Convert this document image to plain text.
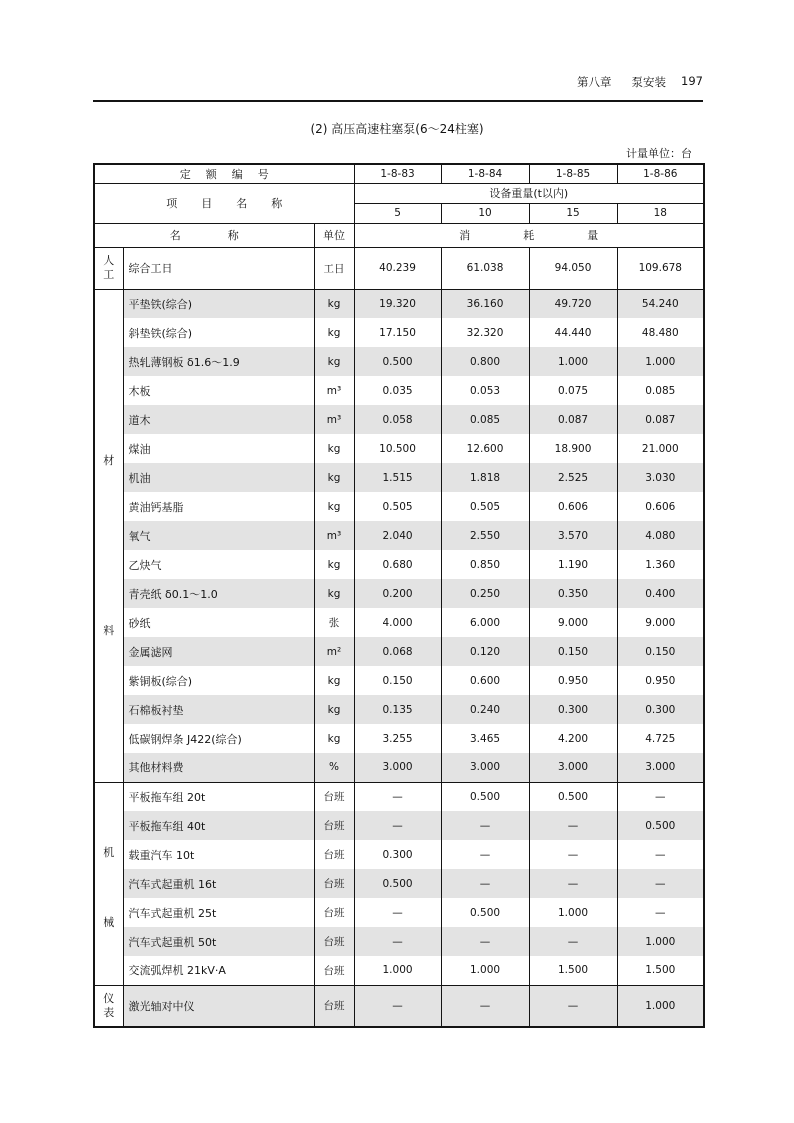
第八章 泵安装 197
(2) 高压高速柱塞泵(6～24柱塞)
计量单位：台
定额编号			1-8-83	1-8-84	1-8-85	1-8-86
项目名称			设备重量(t以内)			
			5	10	15	18
名称		单位	消耗量			
人工	综合工日	工日	40.239	61.038	94.050	109.678
材料	平垫铁(综合)	kg	19.320	36.160	49.720	54.240
	斜垫铁(综合)	kg	17.150	32.320	44.440	48.480
	热轧薄钢板 δ1.6～1.9	kg	0.500	0.800	1.000	1.000
	木板	m³	0.035	0.053	0.075	0.085
	道木	m³	0.058	0.085	0.087	0.087
	煤油	kg	10.500	12.600	18.900	21.000
	机油	kg	1.515	1.818	2.525	3.030
	黄油钙基脂	kg	0.505	0.505	0.606	0.606
	氧气	m³	2.040	2.550	3.570	4.080
	乙炔气	kg	0.680	0.850	1.190	1.360
	青壳纸 δ0.1～1.0	kg	0.200	0.250	0.350	0.400
	砂纸	张	4.000	6.000	9.000	9.000
	金属滤网	m²	0.068	0.120	0.150	0.150
	紫铜板(综合)	kg	0.150	0.600	0.950	0.950
	石棉板衬垫	kg	0.135	0.240	0.300	0.300
	低碳钢焊条 J422(综合)	kg	3.255	3.465	4.200	4.725
	其他材料费	%	3.000	3.000	3.000	3.000
机械	平板拖车组 20t	台班	—	0.500	0.500	—
	平板拖车组 40t	台班	—	—	—	0.500
	载重汽车 10t	台班	0.300	—	—	—
	汽车式起重机 16t	台班	0.500	—	—	—
	汽车式起重机 25t	台班	—	0.500	1.000	—
	汽车式起重机 50t	台班	—	—	—	1.000
	交流弧焊机 21kV·A	台班	1.000	1.000	1.500	1.500
仪表	激光轴对中仪	台班	—	—	—	1.000
